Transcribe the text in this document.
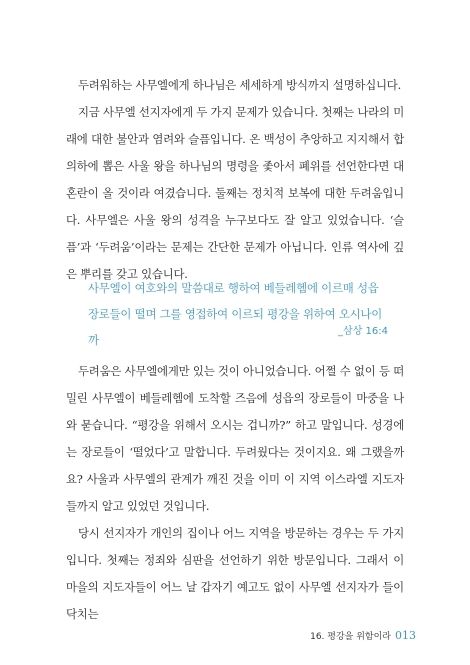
두려워하는 사무엘에게 하나님은 세세하게 방식까지 설명하십니다.

지금 사무엘 선지자에게 두 가지 문제가 있습니다. 첫째는 나라의 미래에 대한 불안과 염려와 슬픔입니다. 온 백성이 추앙하고 지지해서 합의하에 뽑은 사울 왕을 하나님의 명령을 좇아서 폐위를 선언한다면 대혼란이 올 것이라 여겼습니다. 둘째는 정치적 보복에 대한 두려움입니다. 사무엘은 사울 왕의 성격을 누구보다도 잘 알고 있었습니다. ‘슬픔’과 ‘두려움’이라는 문제는 간단한 문제가 아닙니다. 인류 역사에 깊은 뿌리를 갖고 있습니다.

사무엘이 여호와의 말씀대로 행하여 베들레헴에 이르매 성읍 장로들이 떨며 그를 영접하여 이르되 평강을 위하여 오시나이까
_삼상 16:4

두려움은 사무엘에게만 있는 것이 아니었습니다. 어쩔 수 없이 등 떠밀린 사무엘이 베들레헴에 도착할 즈음에 성읍의 장로들이 마중을 나와 묻습니다. “평강을 위해서 오시는 겁니까?” 하고 말입니다. 성경에는 장로들이 ‘떨었다’고 말합니다. 두려웠다는 것이지요. 왜 그랬을까요? 사울과 사무엘의 관계가 깨진 것을 이미 이 지역 이스라엘 지도자들까지 알고 있었던 것입니다.

당시 선지자가 개인의 집이나 어느 지역을 방문하는 경우는 두 가지입니다. 첫째는 정죄와 심판을 선언하기 위한 방문입니다. 그래서 이 마을의 지도자들이 어느 날 갑자기 예고도 없이 사무엘 선지자가 들이닥치는

16. 평강을 위함이라 013
